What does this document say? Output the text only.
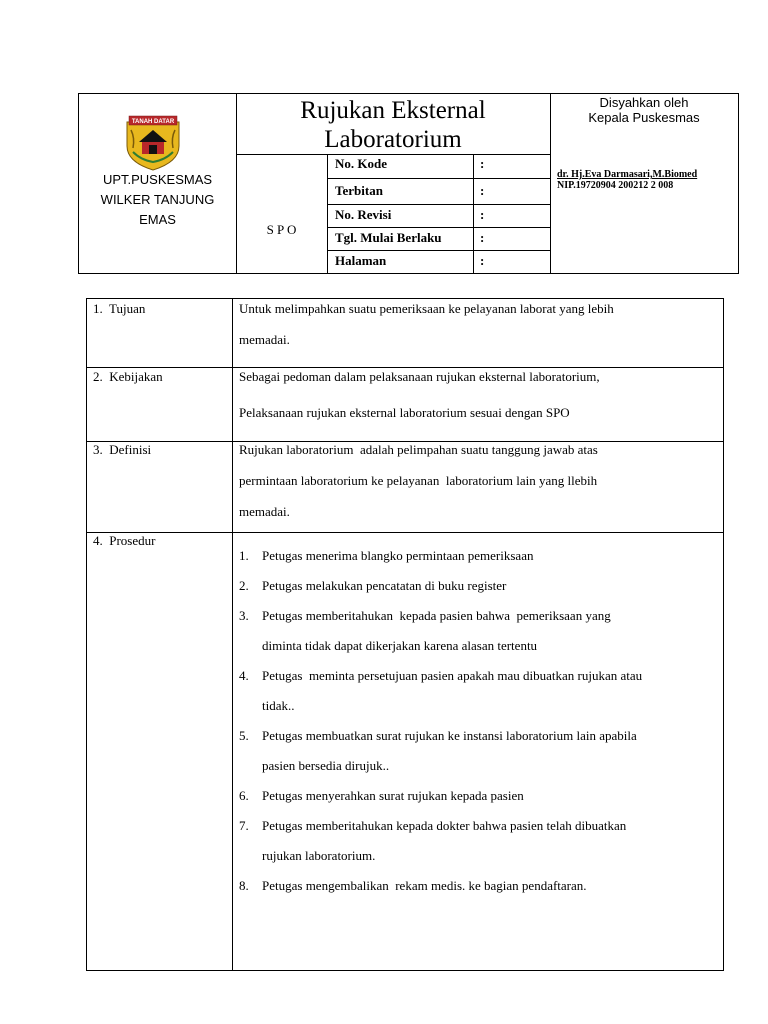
TANAH DATAR
UPT.PUSKESMAS
WILKER TANJUNG
EMAS
Rujukan Eksternal
Laboratorium
S P O
No. Kode	:
Terbitan	:
No. Revisi	:
Tgl. Mulai Berlaku	:
Halaman	:
Disyahkan oleh
Kepala Puskesmas
dr. Hj.Eva Darmasari,M.Biomed
NIP.19720904 200212 2 008
1.  Tujuan	Untuk melimpahkan suatu pemeriksaan ke pelayanan laborat yang lebih
memadai.
2.  Kebijakan	Sebagai pedoman dalam pelaksanaan rujukan eksternal laboratorium,
Pelaksanaan rujukan eksternal laboratorium sesuai dengan SPO
3.  Definisi	Rujukan laboratorium  adalah pelimpahan suatu tanggung jawab atas
permintaan laboratorium ke pelayanan  laboratorium lain yang llebih
memadai.
4.  Prosedur
1.	Petugas menerima blangko permintaan pemeriksaan
2.	Petugas melakukan pencatatan di buku register
3.	Petugas memberitahukan  kepada pasien bahwa  pemeriksaan yang
diminta tidak dapat dikerjakan karena alasan tertentu
4.	Petugas  meminta persetujuan pasien apakah mau dibuatkan rujukan atau
tidak..
5.	Petugas membuatkan surat rujukan ke instansi laboratorium lain apabila
pasien bersedia dirujuk..
6.	Petugas menyerahkan surat rujukan kepada pasien
7.	Petugas memberitahukan kepada dokter bahwa pasien telah dibuatkan
rujukan laboratorium.
8.	Petugas mengembalikan  rekam medis. ke bagian pendaftaran.
